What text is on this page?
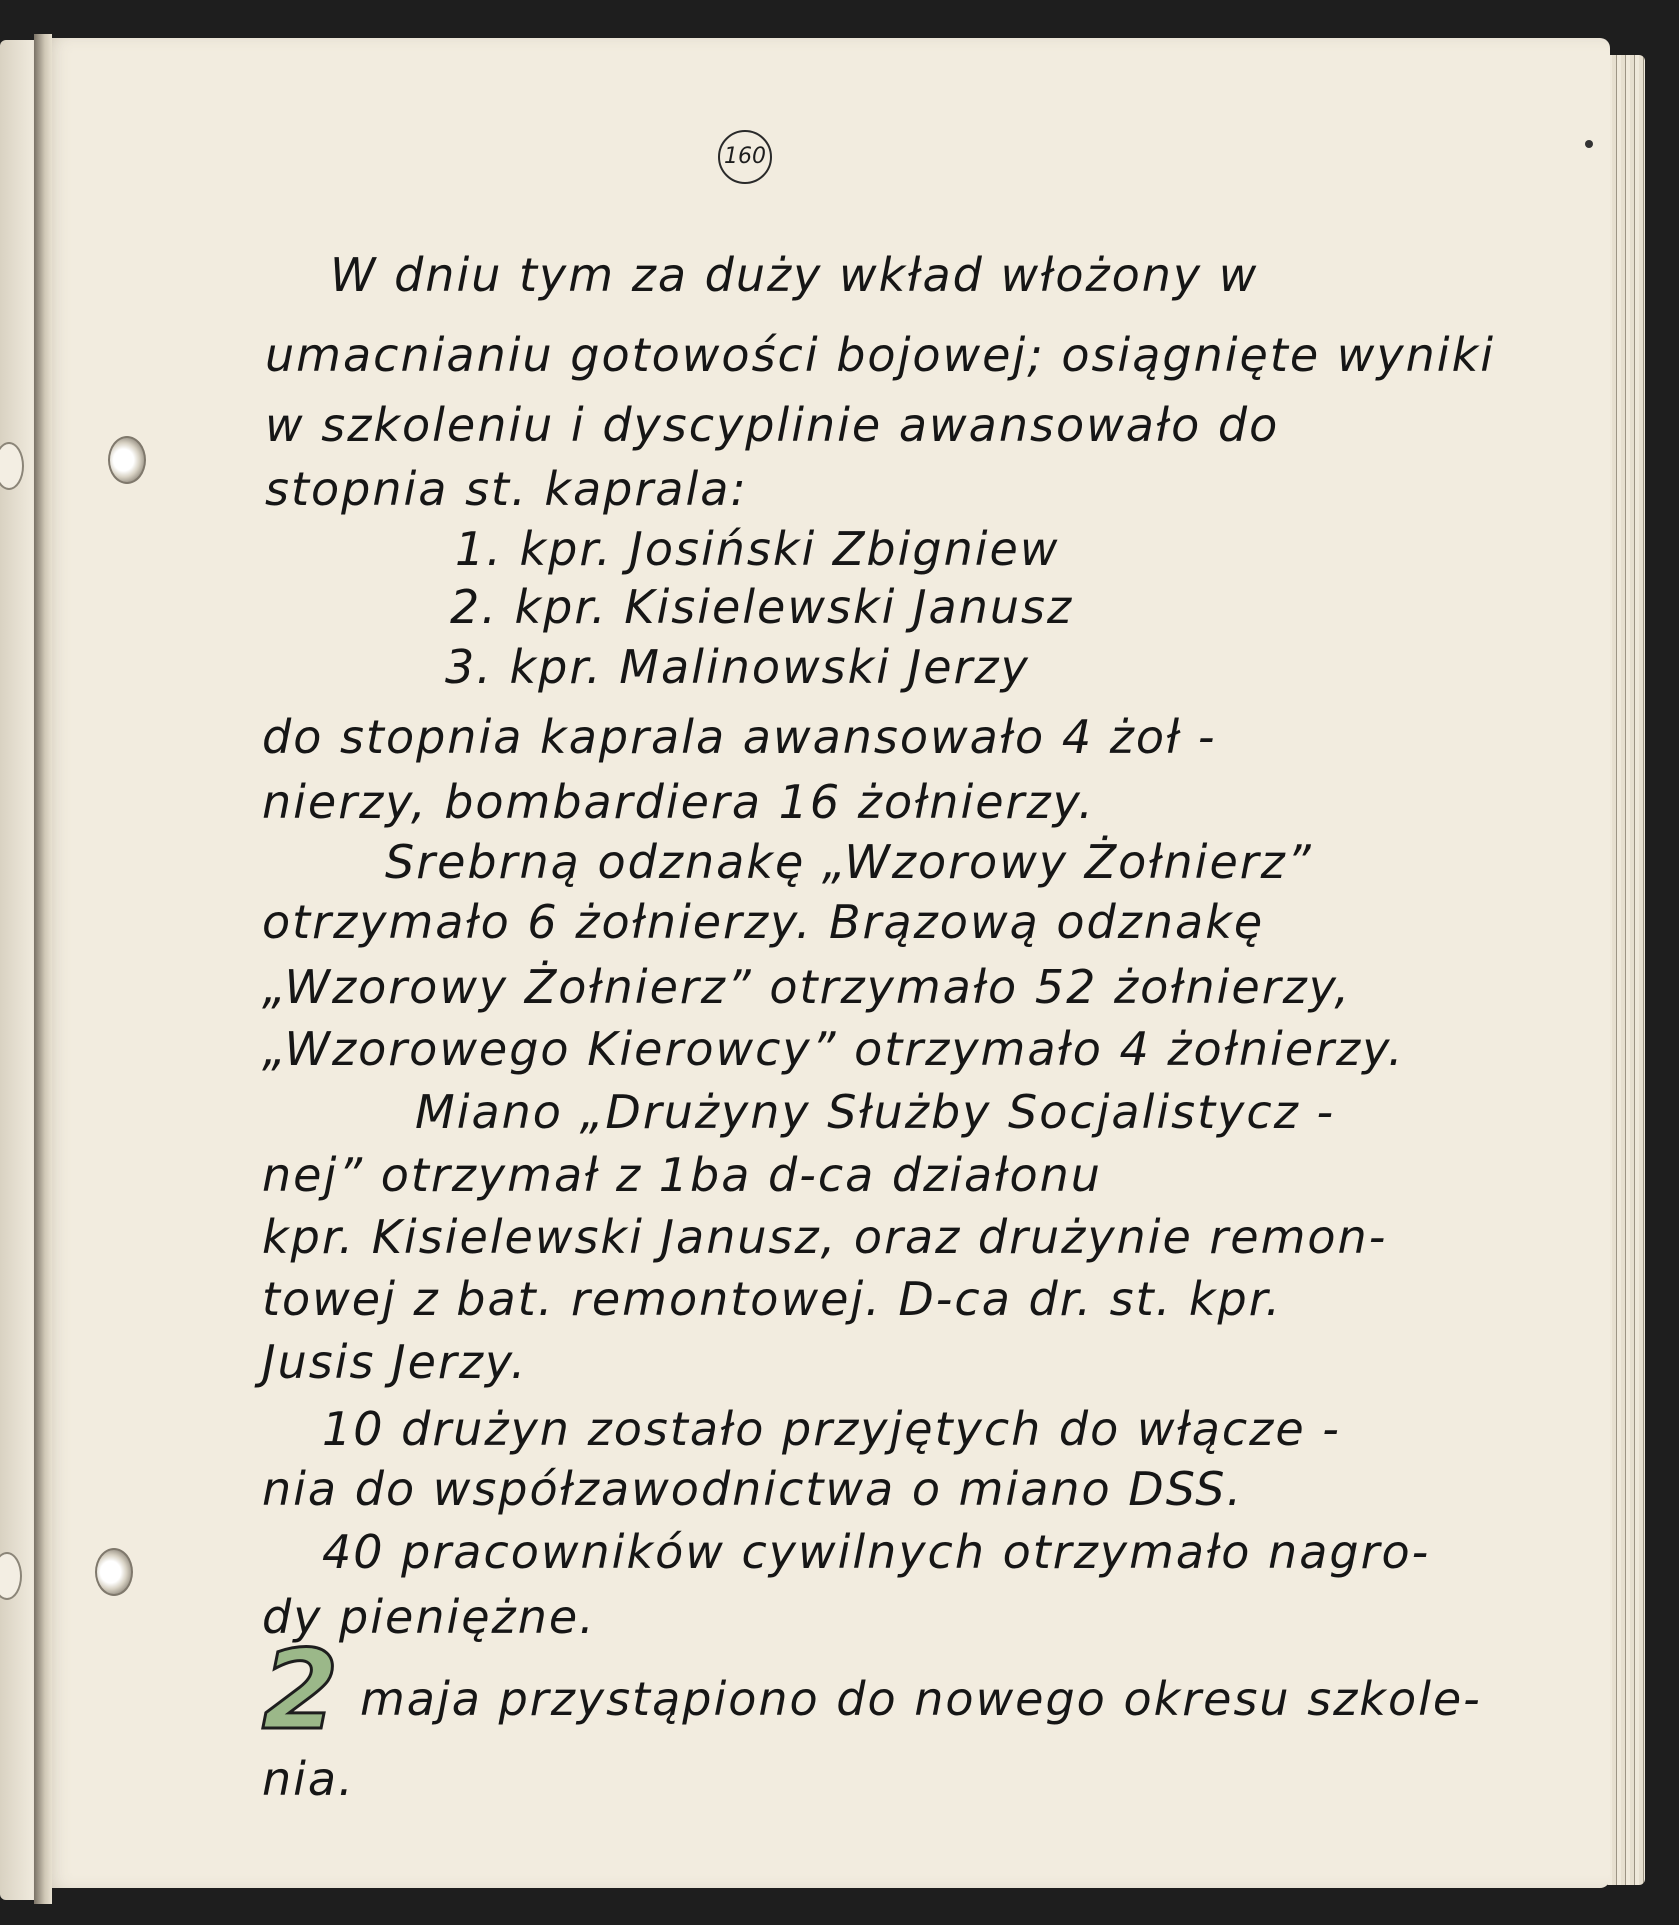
160

W dniu tym za duży wkład włożony w

umacnianiu gotowości bojowej; osiągnięte wyniki

w szkoleniu i dyscyplinie awansowało do

stopnia st. kaprala:

1. kpr. Josiński Zbigniew

2. kpr. Kisielewski Janusz

3. kpr. Malinowski Jerzy

do stopnia kaprala awansowało 4 żoł -

nierzy, bombardiera 16 żołnierzy.

Srebrną odznakę „Wzorowy Żołnierz”

otrzymało 6 żołnierzy. Brązową odznakę

„Wzorowy Żołnierz” otrzymało 52 żołnierzy,

„Wzorowego Kierowcy” otrzymało 4 żołnierzy.

Miano „Drużyny Służby Socjalistycz -

nej” otrzymał z 1ba d-ca działonu

kpr. Kisielewski Janusz, oraz drużynie remon-

towej z bat. remontowej. D-ca dr. st. kpr.

Jusis Jerzy.

10 drużyn zostało przyjętych do włącze -

nia do współzawodnictwa o miano DSS.

40 pracowników cywilnych otrzymało nagro-

dy pieniężne.

2 maja przystąpiono do nowego okresu szkole-

nia.
